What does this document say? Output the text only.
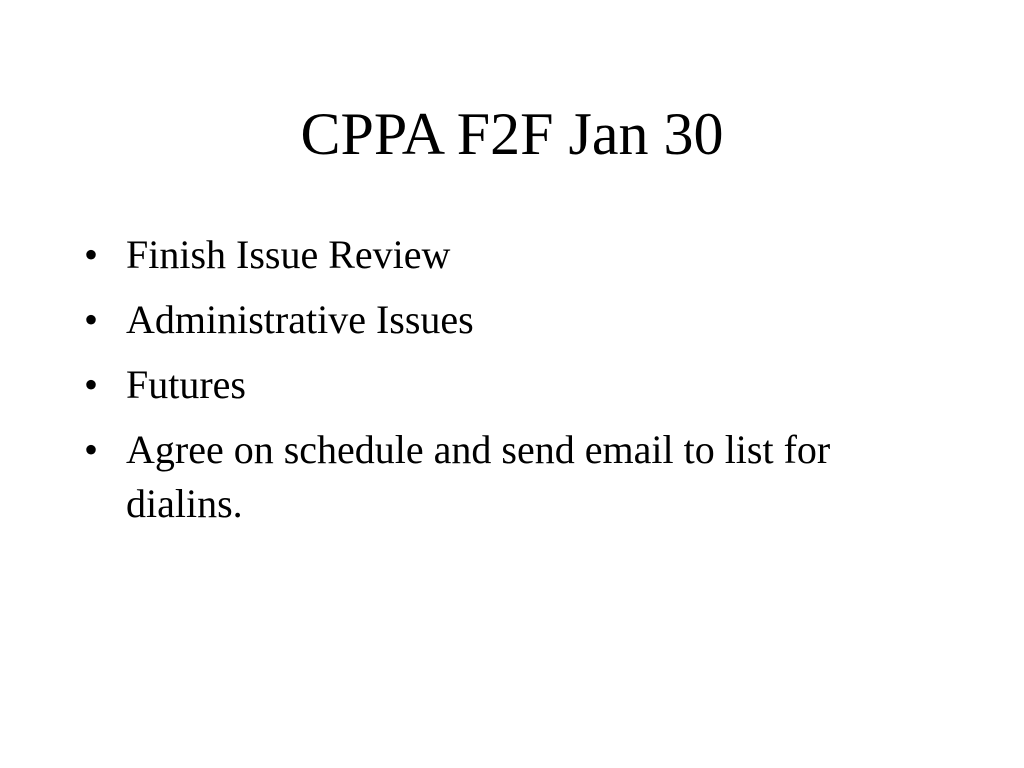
CPPA F2F Jan 30
• Finish Issue Review
• Administrative Issues
• Futures
• Agree on schedule and send email to list for dialins.
